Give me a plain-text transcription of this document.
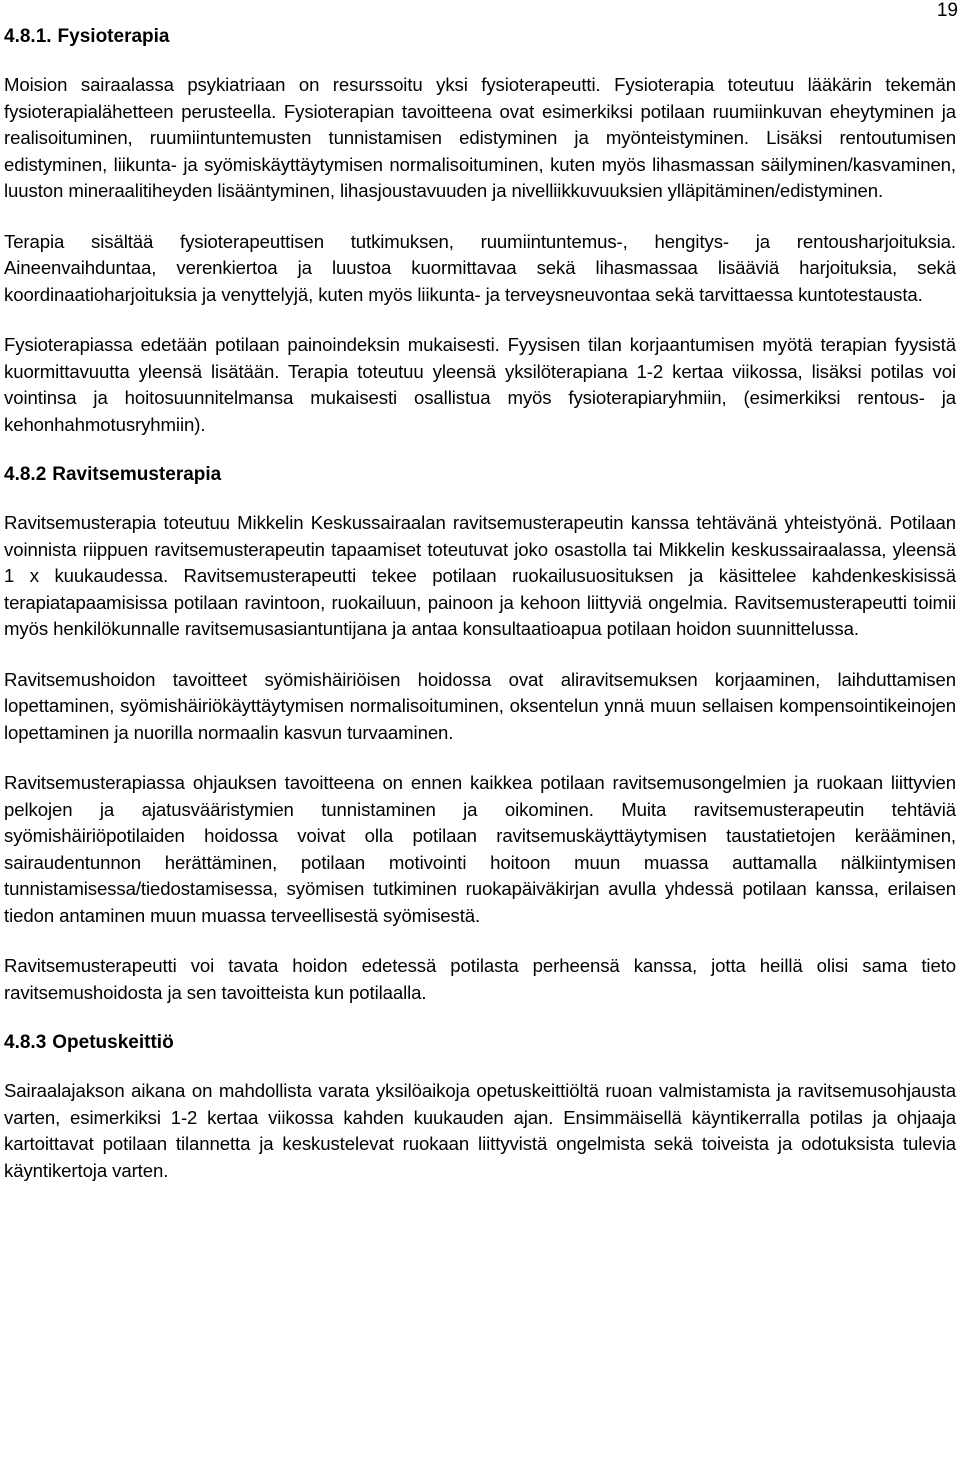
19
4.8.1. Fysioterapia

Moision sairaalassa psykiatriaan on resurssoitu yksi fysioterapeutti. Fysioterapia toteutuu lääkärin tekemän fysioterapialähetteen perusteella. Fysioterapian tavoitteena ovat esimerkiksi potilaan ruumiinkuvan eheytyminen ja realisoituminen, ruumiintuntemusten tunnistamisen edistyminen ja myönteistyminen. Lisäksi rentoutumisen edistyminen, liikunta- ja syömiskäyttäytymisen normalisoituminen, kuten myös lihasmassan säilyminen/kasvaminen, luuston mineraalitiheyden lisääntyminen, lihasjoustavuuden ja nivelliikkuvuuksien ylläpitäminen/edistyminen.

Terapia sisältää fysioterapeuttisen tutkimuksen, ruumiintuntemus-, hengitys- ja rentousharjoituksia. Aineenvaihduntaa, verenkiertoa ja luustoa kuormittavaa sekä lihasmassaa lisääviä harjoituksia, sekä koordinaatioharjoituksia ja venyttelyjä, kuten myös liikunta- ja terveysneuvontaa sekä tarvittaessa kuntotestausta.

Fysioterapiassa edetään potilaan painoindeksin mukaisesti. Fyysisen tilan korjaantumisen myötä terapian fyysistä kuormittavuutta yleensä lisätään. Terapia toteutuu yleensä yksilöterapiana 1-2 kertaa viikossa, lisäksi potilas voi vointinsa ja hoitosuunnitelmansa mukaisesti osallistua myös fysioterapiaryhmiin, (esimerkiksi rentous- ja kehonhahmotusryhmiin).

4.8.2 Ravitsemusterapia

Ravitsemusterapia toteutuu Mikkelin Keskussairaalan ravitsemusterapeutin kanssa tehtävänä yhteistyönä. Potilaan voinnista riippuen ravitsemusterapeutin tapaamiset toteutuvat joko osastolla tai Mikkelin keskussairaalassa, yleensä 1 x kuukaudessa. Ravitsemusterapeutti tekee potilaan ruokailusuosituksen ja käsittelee kahdenkeskisissä terapiatapaamisissa potilaan ravintoon, ruokailuun, painoon ja kehoon liittyviä ongelmia. Ravitsemusterapeutti toimii myös henkilökunnalle ravitsemusasiantuntijana ja antaa konsultaatioapua potilaan hoidon suunnittelussa.

Ravitsemushoidon tavoitteet syömishäiriöisen hoidossa ovat aliravitsemuksen korjaaminen, laihduttamisen lopettaminen, syömishäiriökäyttäytymisen normalisoituminen, oksentelun ynnä muun sellaisen kompensointikeinojen lopettaminen ja nuorilla normaalin kasvun turvaaminen.

Ravitsemusterapiassa ohjauksen tavoitteena on ennen kaikkea potilaan ravitsemusongelmien ja ruokaan liittyvien pelkojen ja ajatusvääristymien tunnistaminen ja oikominen. Muita ravitsemusterapeutin tehtäviä syömishäiriöpotilaiden hoidossa voivat olla potilaan ravitsemuskäyttäytymisen taustatietojen kerääminen, sairaudentunnon herättäminen, potilaan motivointi hoitoon muun muassa auttamalla nälkiintymisen tunnistamisessa/tiedostamisessa, syömisen tutkiminen ruokapäiväkirjan avulla yhdessä potilaan kanssa, erilaisen tiedon antaminen muun muassa terveellisestä syömisestä.

Ravitsemusterapeutti voi tavata hoidon edetessä potilasta perheensä kanssa, jotta heillä olisi sama tieto ravitsemushoidosta ja sen tavoitteista kun potilaalla.

4.8.3 Opetuskeittiö

Sairaalajakson aikana on mahdollista varata yksilöaikoja opetuskeittiöltä ruoan valmistamista ja ravitsemusohjausta varten, esimerkiksi 1-2 kertaa viikossa kahden kuukauden ajan. Ensimmäisellä käyntikerralla potilas ja ohjaaja kartoittavat potilaan tilannetta ja keskustelevat ruokaan liittyvistä ongelmista sekä toiveista ja odotuksista tulevia käyntikertoja varten.
